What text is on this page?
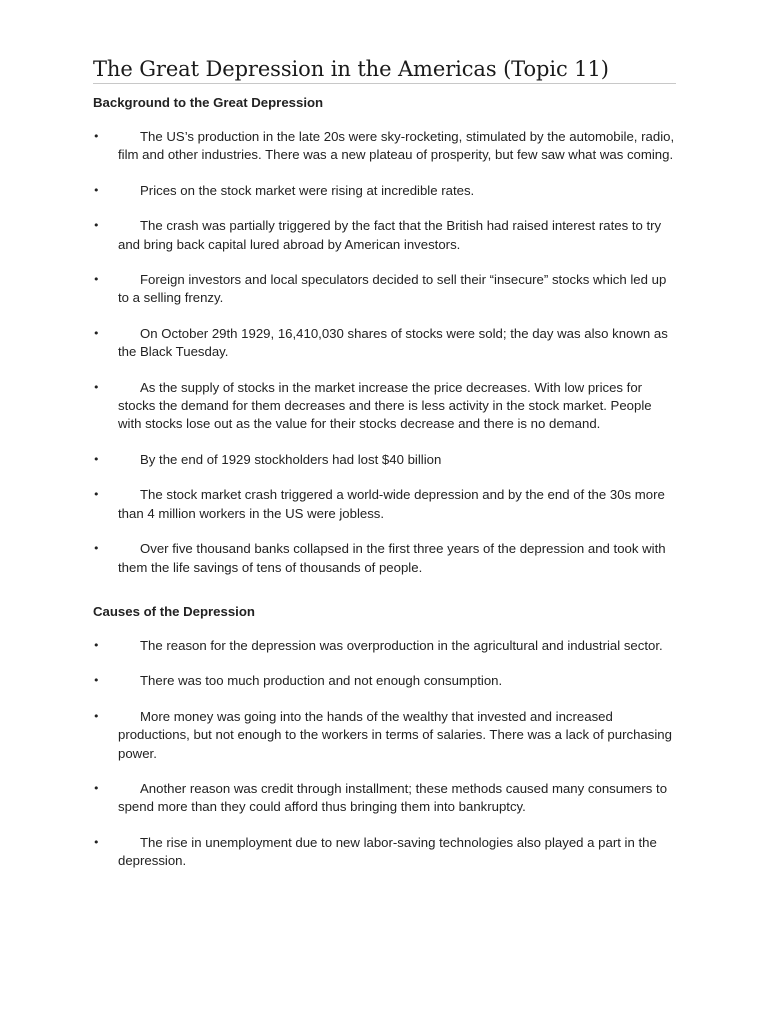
The Great Depression in the Americas (Topic 11)
Background to the Great Depression
•	The US’s production in the late 20s were sky-rocketing, stimulated by the automobile, radio, film and other industries. There was a new plateau of prosperity, but few saw what was coming.
•	Prices on the stock market were rising at incredible rates.
•	The crash was partially triggered by the fact that the British had raised interest rates to try and bring back capital lured abroad by American investors.
•	Foreign investors and local speculators decided to sell their “insecure” stocks which led up to a selling frenzy.
•	On October 29th 1929, 16,410,030 shares of stocks were sold; the day was also known as the Black Tuesday.
•	As the supply of stocks in the market increase the price decreases. With low prices for stocks the demand for them decreases and there is less activity in the stock market. People with stocks lose out as the value for their stocks decrease and there is no demand.
•	By the end of 1929 stockholders had lost $40 billion
•	The stock market crash triggered a world-wide depression and by the end of the 30s more than 4 million workers in the US were jobless.
•	Over five thousand banks collapsed in the first three years of the depression and took with them the life savings of tens of thousands of people.
Causes of the Depression
•	The reason for the depression was overproduction in the agricultural and industrial sector.
•	There was too much production and not enough consumption.
•	More money was going into the hands of the wealthy that invested and increased productions, but not enough to the workers in terms of salaries. There was a lack of purchasing power.
•	Another reason was credit through installment; these methods caused many consumers to spend more than they could afford thus bringing them into bankruptcy.
•	The rise in unemployment due to new labor-saving technologies also played a part in the depression.
